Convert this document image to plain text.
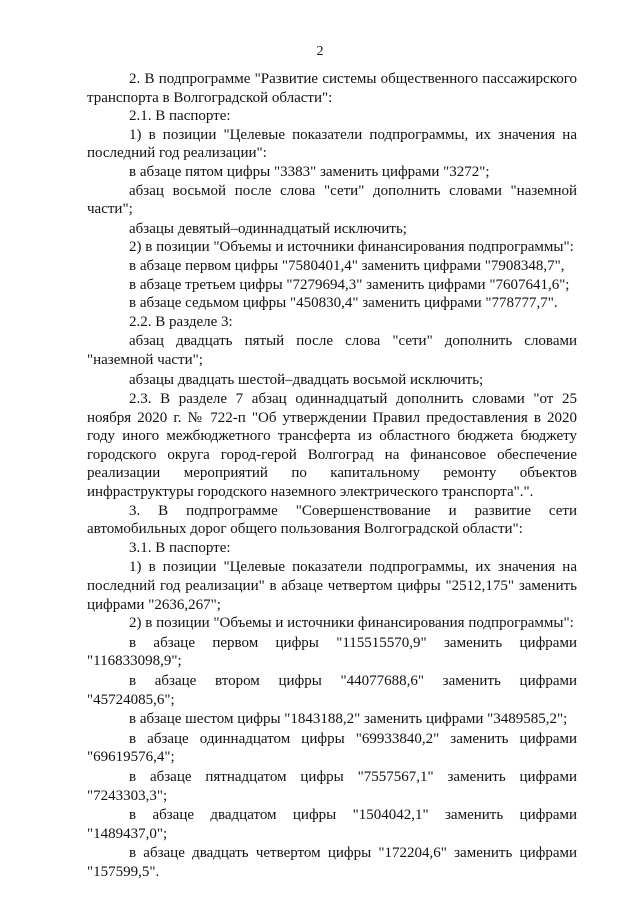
2

2. В подпрограмме "Развитие системы общественного пассажирского транспорта в Волгоградской области":

2.1. В паспорте:

1) в позиции "Целевые показатели подпрограммы, их значения на последний год реализации":

в абзаце пятом цифры "3383" заменить цифрами "3272";

абзац восьмой после слова "сети" дополнить словами "наземной части";

абзацы девятый–одиннадцатый исключить;

2) в позиции "Объемы и источники финансирования подпрограммы":

в абзаце первом цифры "7580401,4" заменить цифрами "7908348,7",

в абзаце третьем цифры "7279694,3" заменить цифрами "7607641,6";

в абзаце седьмом цифры "450830,4" заменить цифрами "778777,7".

2.2. В разделе 3:

абзац двадцать пятый после слова "сети" дополнить словами "наземной части";

абзацы двадцать шестой–двадцать восьмой исключить;

2.3. В разделе 7 абзац одиннадцатый дополнить словами "от 25 ноября 2020 г. № 722-п "Об утверждении Правил предоставления в 2020 году иного межбюджетного трансферта из областного бюджета бюджету городского округа город-герой Волгоград на финансовое обеспечение реализации мероприятий по капитальному ремонту объектов инфраструктуры городского наземного электрического транспорта".".

3. В подпрограмме "Совершенствование и развитие сети автомобильных дорог общего пользования Волгоградской области":

3.1. В паспорте:

1) в позиции "Целевые показатели подпрограммы, их значения на последний год реализации" в абзаце четвертом цифры "2512,175" заменить цифрами "2636,267";

2) в позиции "Объемы и источники финансирования подпрограммы":

в абзаце первом цифры "115515570,9" заменить цифрами "116833098,9";

в абзаце втором цифры "44077688,6" заменить цифрами "45724085,6";

в абзаце шестом цифры "1843188,2" заменить цифрами "3489585,2";

в абзаце одиннадцатом цифры "69933840,2" заменить цифрами "69619576,4";

в абзаце пятнадцатом цифры "7557567,1" заменить цифрами "7243303,3";

в абзаце двадцатом цифры "1504042,1" заменить цифрами "1489437,0";

в абзаце двадцать четвертом цифры "172204,6" заменить цифрами "157599,5".
